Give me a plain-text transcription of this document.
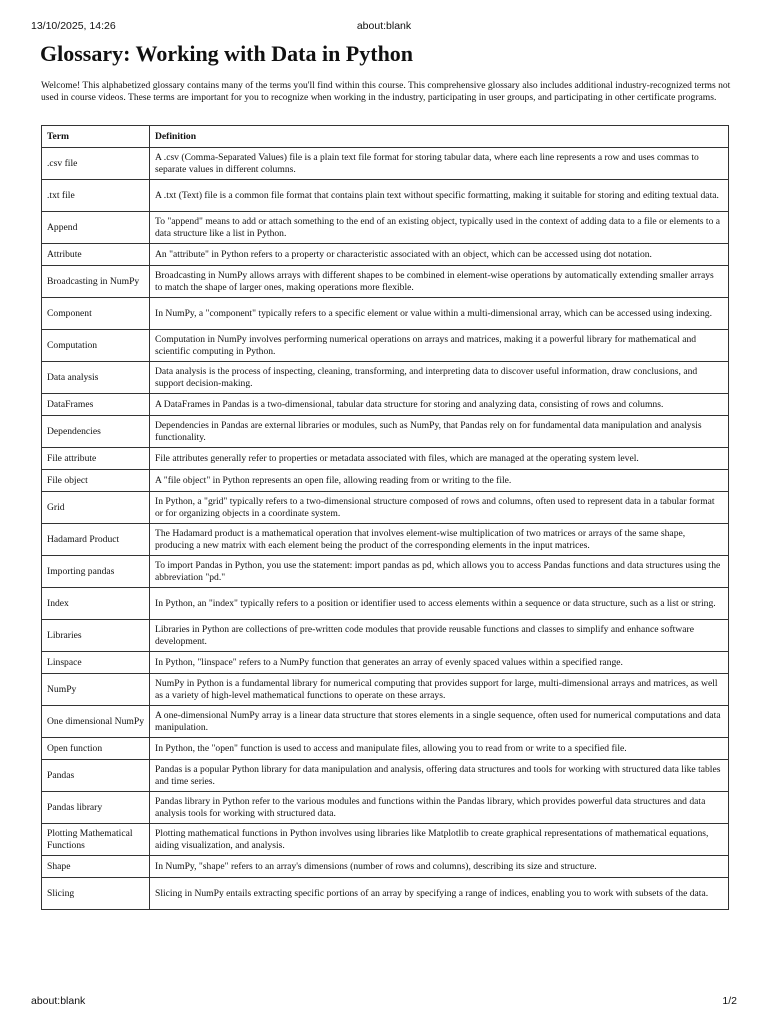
13/10/2025, 14:26	about:blank
Glossary: Working with Data in Python

Welcome! This alphabetized glossary contains many of the terms you'll find within this course. This comprehensive glossary also includes additional industry-recognized terms not used in course videos. These terms are important for you to recognize when working in the industry, participating in user groups, and participating in other certificate programs.

Term	Definition
.csv file	A .csv (Comma-Separated Values) file is a plain text file format for storing tabular data, where each line represents a row and uses commas to separate values in different columns.
.txt file	A .txt (Text) file is a common file format that contains plain text without specific formatting, making it suitable for storing and editing textual data.
Append	To "append" means to add or attach something to the end of an existing object, typically used in the context of adding data to a file or elements to a data structure like a list in Python.
Attribute	An "attribute" in Python refers to a property or characteristic associated with an object, which can be accessed using dot notation.
Broadcasting in NumPy	Broadcasting in NumPy allows arrays with different shapes to be combined in element-wise operations by automatically extending smaller arrays to match the shape of larger ones, making operations more flexible.
Component	In NumPy, a "component" typically refers to a specific element or value within a multi-dimensional array, which can be accessed using indexing.
Computation	Computation in NumPy involves performing numerical operations on arrays and matrices, making it a powerful library for mathematical and scientific computing in Python.
Data analysis	Data analysis is the process of inspecting, cleaning, transforming, and interpreting data to discover useful information, draw conclusions, and support decision-making.
DataFrames	A DataFrames in Pandas is a two-dimensional, tabular data structure for storing and analyzing data, consisting of rows and columns.
Dependencies	Dependencies in Pandas are external libraries or modules, such as NumPy, that Pandas rely on for fundamental data manipulation and analysis functionality.
File attribute	File attributes generally refer to properties or metadata associated with files, which are managed at the operating system level.
File object	A "file object" in Python represents an open file, allowing reading from or writing to the file.
Grid	In Python, a "grid" typically refers to a two-dimensional structure composed of rows and columns, often used to represent data in a tabular format or for organizing objects in a coordinate system.
Hadamard Product	The Hadamard product is a mathematical operation that involves element-wise multiplication of two matrices or arrays of the same shape, producing a new matrix with each element being the product of the corresponding elements in the input matrices.
Importing pandas	To import Pandas in Python, you use the statement: import pandas as pd, which allows you to access Pandas functions and data structures using the abbreviation "pd."
Index	In Python, an "index" typically refers to a position or identifier used to access elements within a sequence or data structure, such as a list or string.
Libraries	Libraries in Python are collections of pre-written code modules that provide reusable functions and classes to simplify and enhance software development.
Linspace	In Python, "linspace" refers to a NumPy function that generates an array of evenly spaced values within a specified range.
NumPy	NumPy in Python is a fundamental library for numerical computing that provides support for large, multi-dimensional arrays and matrices, as well as a variety of high-level mathematical functions to operate on these arrays.
One dimensional NumPy	A one-dimensional NumPy array is a linear data structure that stores elements in a single sequence, often used for numerical computations and data manipulation.
Open function	In Python, the "open" function is used to access and manipulate files, allowing you to read from or write to a specified file.
Pandas	Pandas is a popular Python library for data manipulation and analysis, offering data structures and tools for working with structured data like tables and time series.
Pandas library	Pandas library in Python refer to the various modules and functions within the Pandas library, which provides powerful data structures and data analysis tools for working with structured data.
Plotting Mathematical Functions	Plotting mathematical functions in Python involves using libraries like Matplotlib to create graphical representations of mathematical equations, aiding visualization, and analysis.
Shape	In NumPy, "shape" refers to an array's dimensions (number of rows and columns), describing its size and structure.
Slicing	Slicing in NumPy entails extracting specific portions of an array by specifying a range of indices, enabling you to work with subsets of the data.
about:blank	1/2
